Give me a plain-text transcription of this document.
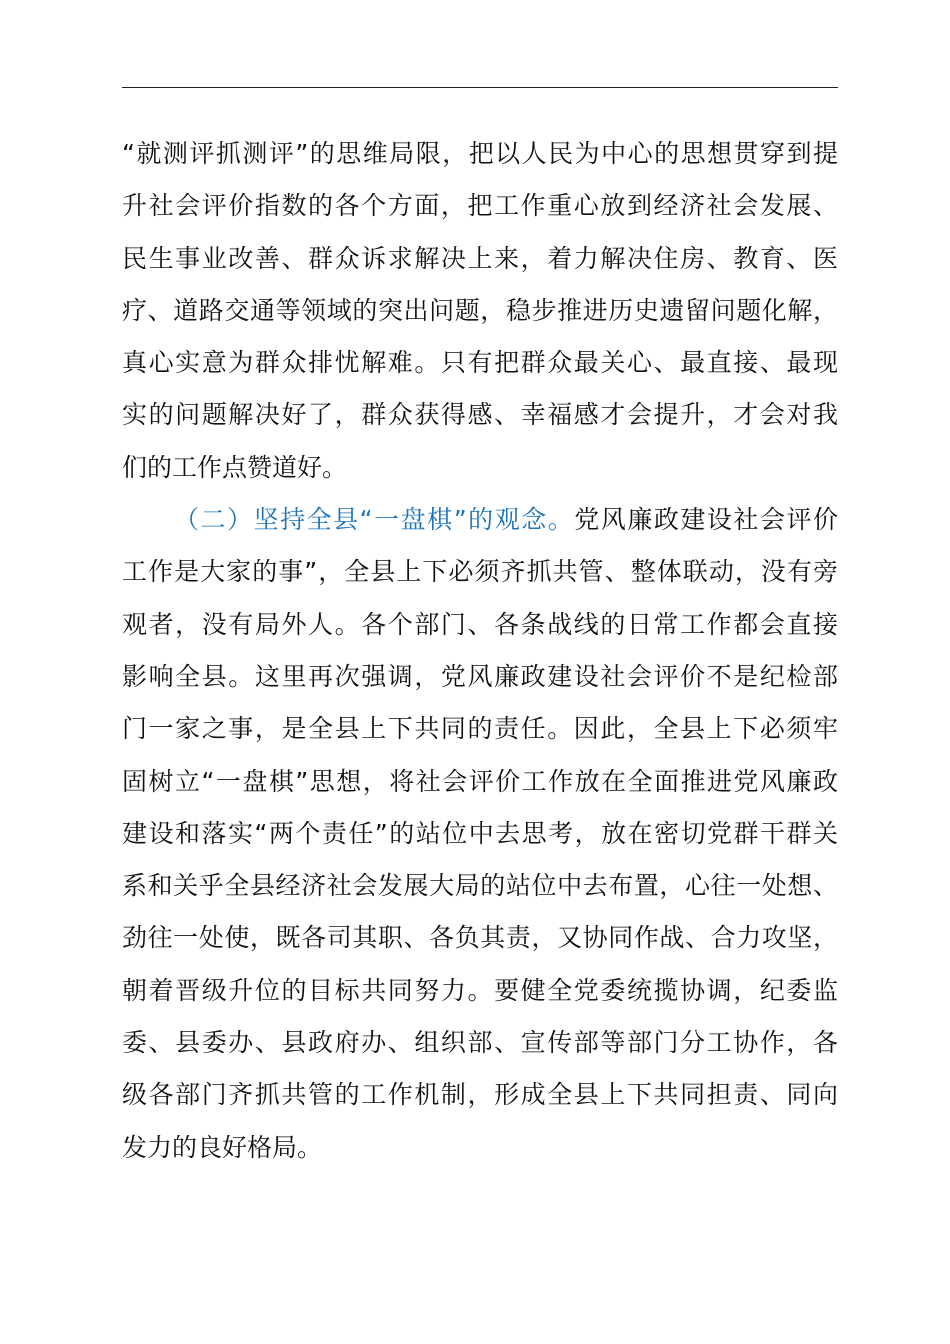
“就测评抓测评”的思维局限，把以人民为中心的思想贯穿到提
升社会评价指数的各个方面，把工作重心放到经济社会发展、
民生事业改善、群众诉求解决上来，着力解决住房、教育、医
疗、道路交通等领域的突出问题，稳步推进历史遗留问题化解，
真心实意为群众排忧解难。只有把群众最关心、最直接、最现
实的问题解决好了，群众获得感、幸福感才会提升，才会对我
们的工作点赞道好。
（二）坚持全县“一盘棋”的观念。党风廉政建设社会评价
工作是大家的事”，全县上下必须齐抓共管、整体联动，没有旁
观者，没有局外人。各个部门、各条战线的日常工作都会直接
影响全县。这里再次强调，党风廉政建设社会评价不是纪检部
门一家之事，是全县上下共同的责任。因此，全县上下必须牢
固树立“一盘棋”思想，将社会评价工作放在全面推进党风廉政
建设和落实“两个责任”的站位中去思考，放在密切党群干群关
系和关乎全县经济社会发展大局的站位中去布置，心往一处想、
劲往一处使，既各司其职、各负其责，又协同作战、合力攻坚，
朝着晋级升位的目标共同努力。要健全党委统揽协调，纪委监
委、县委办、县政府办、组织部、宣传部等部门分工协作，各
级各部门齐抓共管的工作机制，形成全县上下共同担责、同向
发力的良好格局。
